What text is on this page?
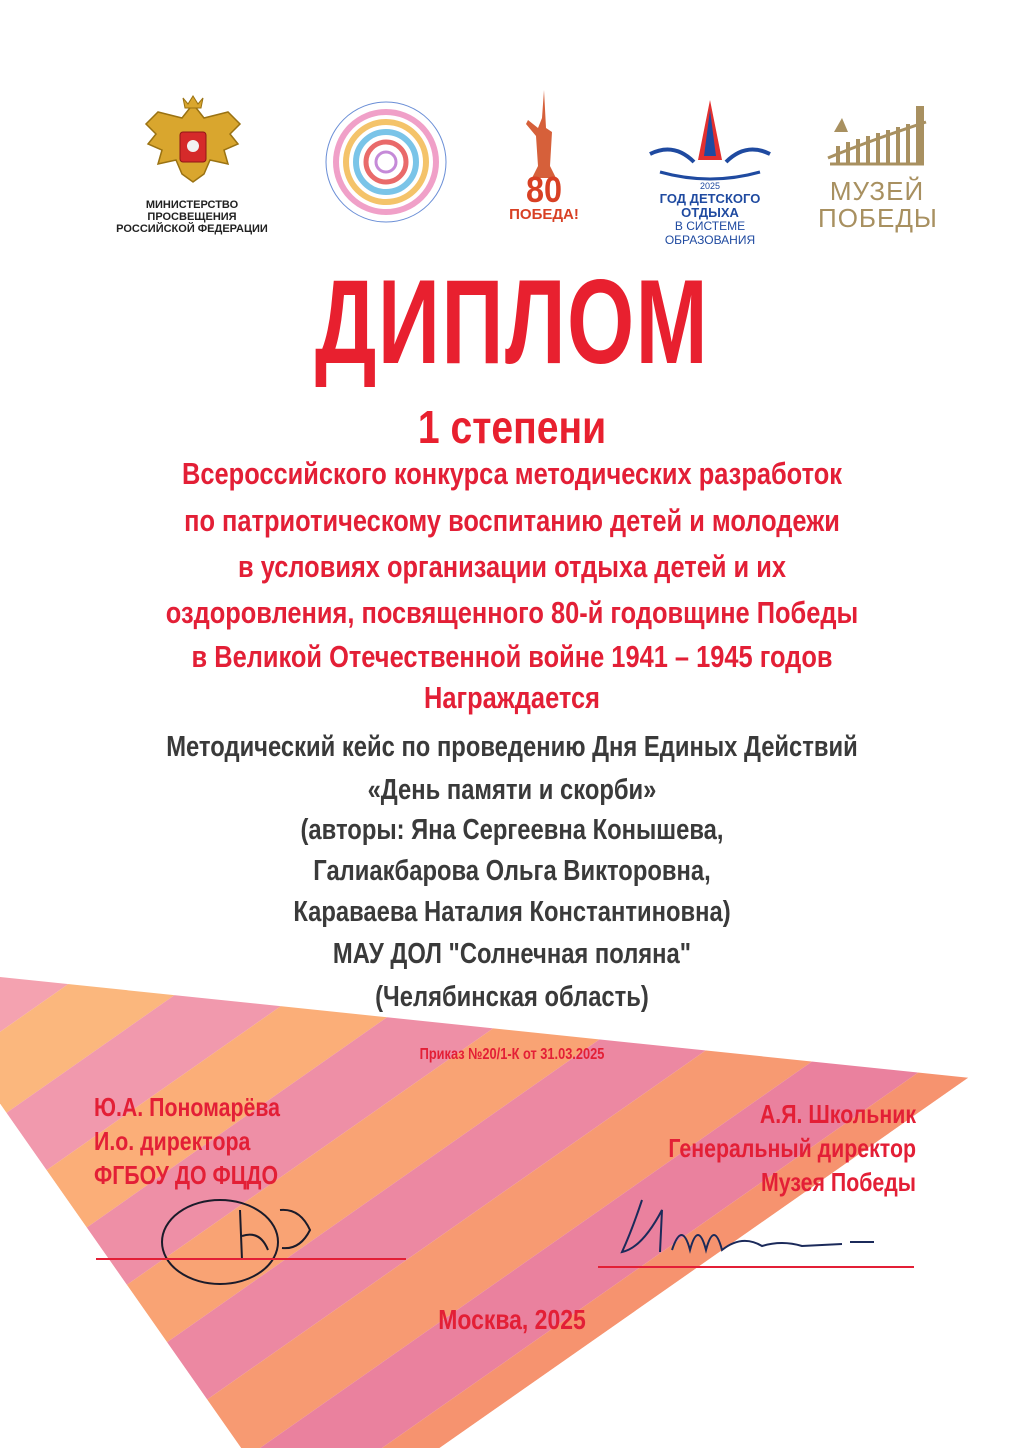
МИНИСТЕРСТВО ПРОСВЕЩЕНИЯ
РОССИЙСКОЙ ФЕДЕРАЦИИ
80
ПОБЕДА!
2025
ГОД ДЕТСКОГО ОТДЫХА
В СИСТЕМЕ ОБРАЗОВАНИЯ
МУЗЕЙ
ПОБЕДЫ
ДИПЛОМ
1 степени
Всероссийского конкурса методических разработок
по патриотическому воспитанию детей и молодежи
в условиях организации отдыха детей и их
оздоровления, посвященного 80-й годовщине Победы
в Великой Отечественной войне 1941 – 1945 годов
Награждается
Методический кейс по проведению Дня Единых Действий
«День памяти и скорби»
(авторы: Яна Сергеевна Конышева,
Галиакбарова Ольга Викторовна,
Караваева Наталия Константиновна)
МАУ ДОЛ "Солнечная поляна"
(Челябинская область)
Приказ №20/1-К от 31.03.2025
Ю.А. Пономарёва
И.о. директора
ФГБОУ ДО ФЦДО
А.Я. Школьник
Генеральный директор
Музея Победы
Москва, 2025
